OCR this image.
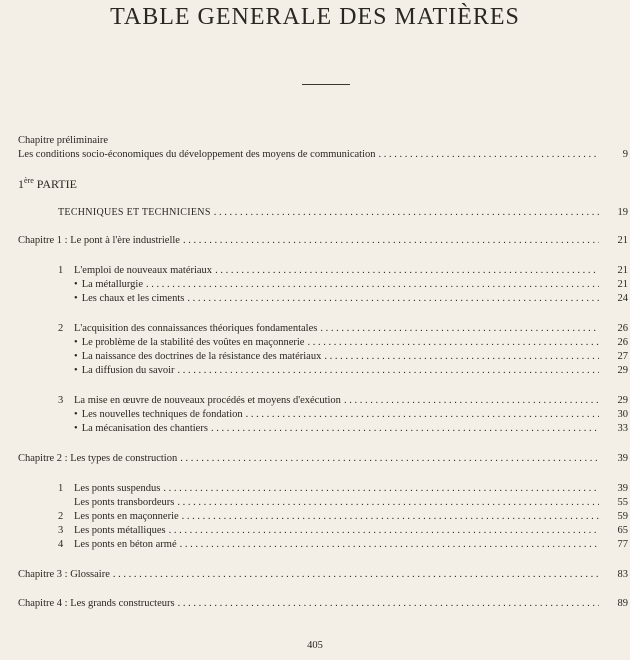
TABLE GENERALE DES MATIÈRES
Chapitre préliminaire
Les conditions socio-économiques du développement des moyens de communication . . .	9
1ère PARTIE
TECHNIQUES ET TECHNICIENS . . .	19
Chapitre 1 : Le pont à l'ère industrielle . . .	21
1 L'emploi de nouveaux matériaux . . .	21
• La métallurgie . . .	21
• Les chaux et les ciments . . .	24
2 L'acquisition des connaissances théoriques fondamentales . . .	26
• Le problème de la stabilité des voûtes en maçonnerie . . .	26
• La naissance des doctrines de la résistance des matériaux . . .	27
• La diffusion du savoir . . .	29
3 La mise en œuvre de nouveaux procédés et moyens d'exécution . . .	29
• Les nouvelles techniques de fondation . . .	30
• La mécanisation des chantiers . . .	33
Chapitre 2 : Les types de construction . . .	39
1 Les ponts suspendus . . .	39
Les ponts transbordeurs . . .	55
2 Les ponts en maçonnerie . . .	59
3 Les ponts métalliques . . .	65
4 Les ponts en béton armé . . .	77
Chapitre 3 : Glossaire . . .	83
Chapitre 4 : Les grands constructeurs . . .	89
405
